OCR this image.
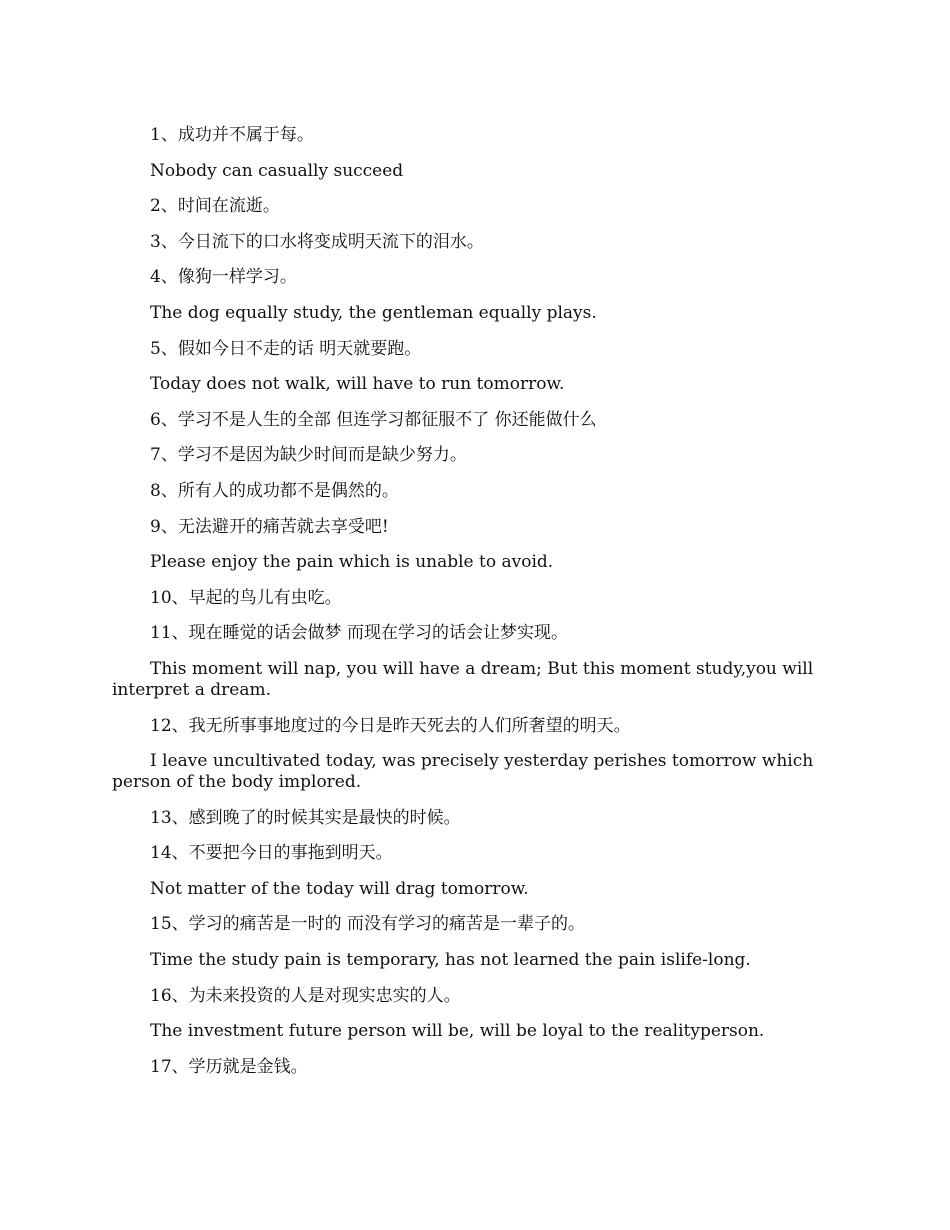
1、成功并不属于每。

Nobody can casually succeed

2、时间在流逝。

3、今日流下的口水将变成明天流下的泪水。

4、像狗一样学习。

The dog equally study, the gentleman equally plays.

5、假如今日不走的话 明天就要跑。

Today does not walk, will have to run tomorrow.

6、学习不是人生的全部 但连学习都征服不了 你还能做什么

7、学习不是因为缺少时间而是缺少努力。

8、所有人的成功都不是偶然的。

9、无法避开的痛苦就去享受吧!

Please enjoy the pain which is unable to avoid.

10、早起的鸟儿有虫吃。

11、现在睡觉的话会做梦 而现在学习的话会让梦实现。

This moment will nap, you will have a dream; But this moment study,you will interpret a dream.

12、我无所事事地度过的今日是昨天死去的人们所奢望的明天。

I leave uncultivated today, was precisely yesterday perishes tomorrow which person of the body implored.

13、感到晚了的时候其实是最快的时候。

14、不要把今日的事拖到明天。

Not matter of the today will drag tomorrow.

15、学习的痛苦是一时的 而没有学习的痛苦是一辈子的。

Time the study pain is temporary, has not learned the pain islife-long.

16、为未来投资的人是对现实忠实的人。

The investment future person will be, will be loyal to the realityperson.

17、学历就是金钱。
